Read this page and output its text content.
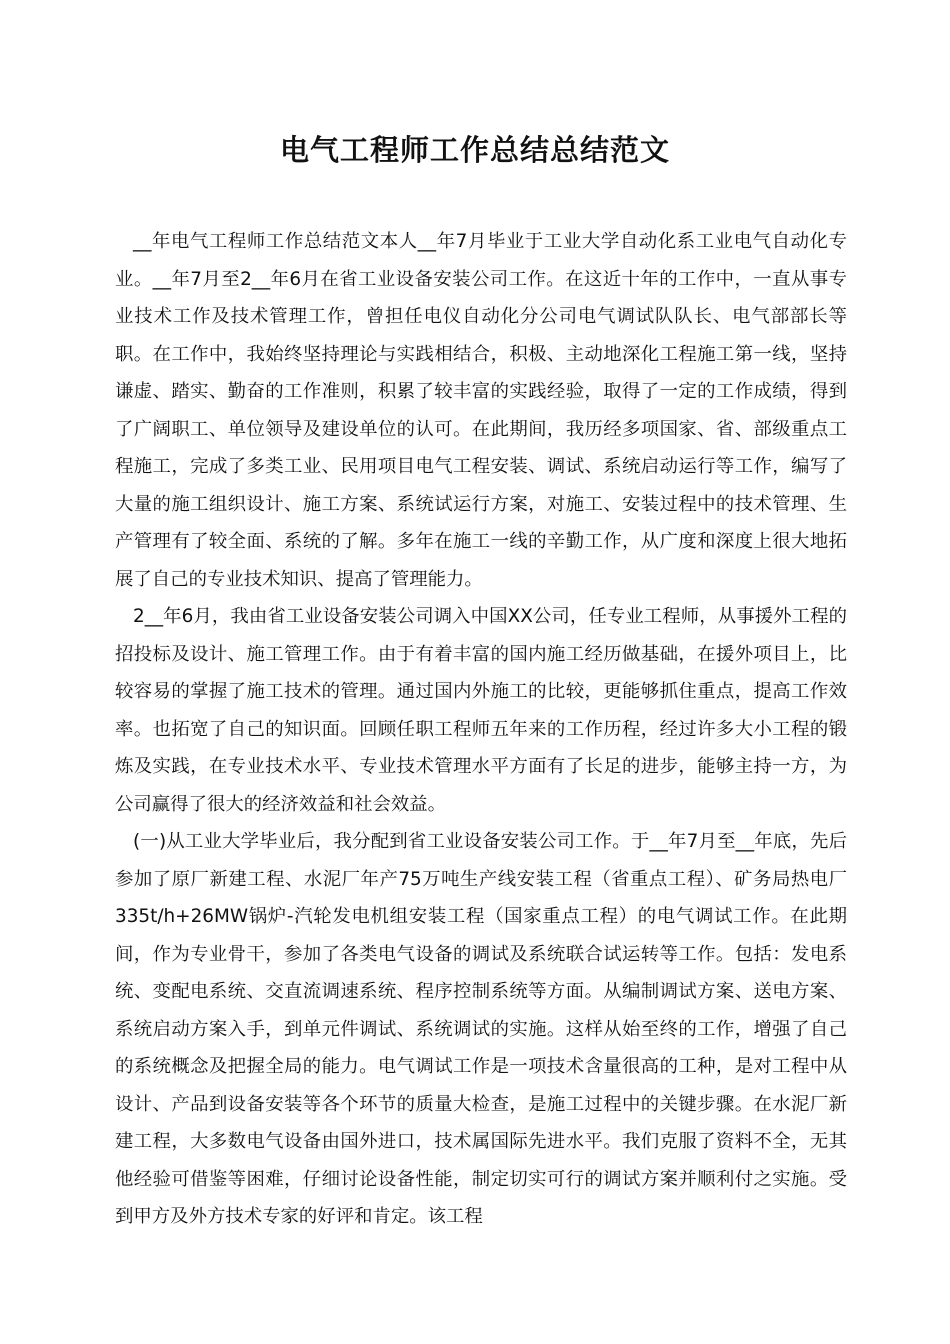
电气工程师工作总结总结范文

__年电气工程师工作总结范文本人__年7月毕业于工业大学自动化系工业电气自动化专业。__年7月至2__年6月在省工业设备安装公司工作。在这近十年的工作中，一直从事专业技术工作及技术管理工作，曾担任电仪自动化分公司电气调试队队长、电气部部长等职。在工作中，我始终坚持理论与实践相结合，积极、主动地深化工程施工第一线，坚持谦虚、踏实、勤奋的工作准则，积累了较丰富的实践经验，取得了一定的工作成绩，得到了广阔职工、单位领导及建设单位的认可。在此期间，我历经多项国家、省、部级重点工程施工，完成了多类工业、民用项目电气工程安装、调试、系统启动运行等工作，编写了大量的施工组织设计、施工方案、系统试运行方案，对施工、安装过程中的技术管理、生产管理有了较全面、系统的了解。多年在施工一线的辛勤工作，从广度和深度上很大地拓展了自己的专业技术知识、提高了管理能力。

2__年6月，我由省工业设备安装公司调入中国XX公司，任专业工程师，从事援外工程的招投标及设计、施工管理工作。由于有着丰富的国内施工经历做基础，在援外项目上，比较容易的掌握了施工技术的管理。通过国内外施工的比较，更能够抓住重点，提高工作效率。也拓宽了自己的知识面。回顾任职工程师五年来的工作历程，经过许多大小工程的锻炼及实践，在专业技术水平、专业技术管理水平方面有了长足的进步，能够主持一方，为公司赢得了很大的经济效益和社会效益。

(一)从工业大学毕业后，我分配到省工业设备安装公司工作。于__年7月至__年底，先后参加了原厂新建工程、水泥厂年产75万吨生产线安装工程（省重点工程）、矿务局热电厂335t/h+26MW锅炉-汽轮发电机组安装工程（国家重点工程）的电气调试工作。在此期间，作为专业骨干，参加了各类电气设备的调试及系统联合试运转等工作。包括：发电系统、变配电系统、交直流调速系统、程序控制系统等方面。从编制调试方案、送电方案、系统启动方案入手，到单元件调试、系统调试的实施。这样从始至终的工作，增强了自己的系统概念及把握全局的能力。电气调试工作是一项技术含量很高的工种，是对工程中从设计、产品到设备安装等各个环节的质量大检查，是施工过程中的关键步骤。在水泥厂新建工程，大多数电气设备由国外进口，技术属国际先进水平。我们克服了资料不全，无其他经验可借鉴等困难，仔细讨论设备性能，制定切实可行的调试方案并顺利付之实施。受到甲方及外方技术专家的好评和肯定。该工程
